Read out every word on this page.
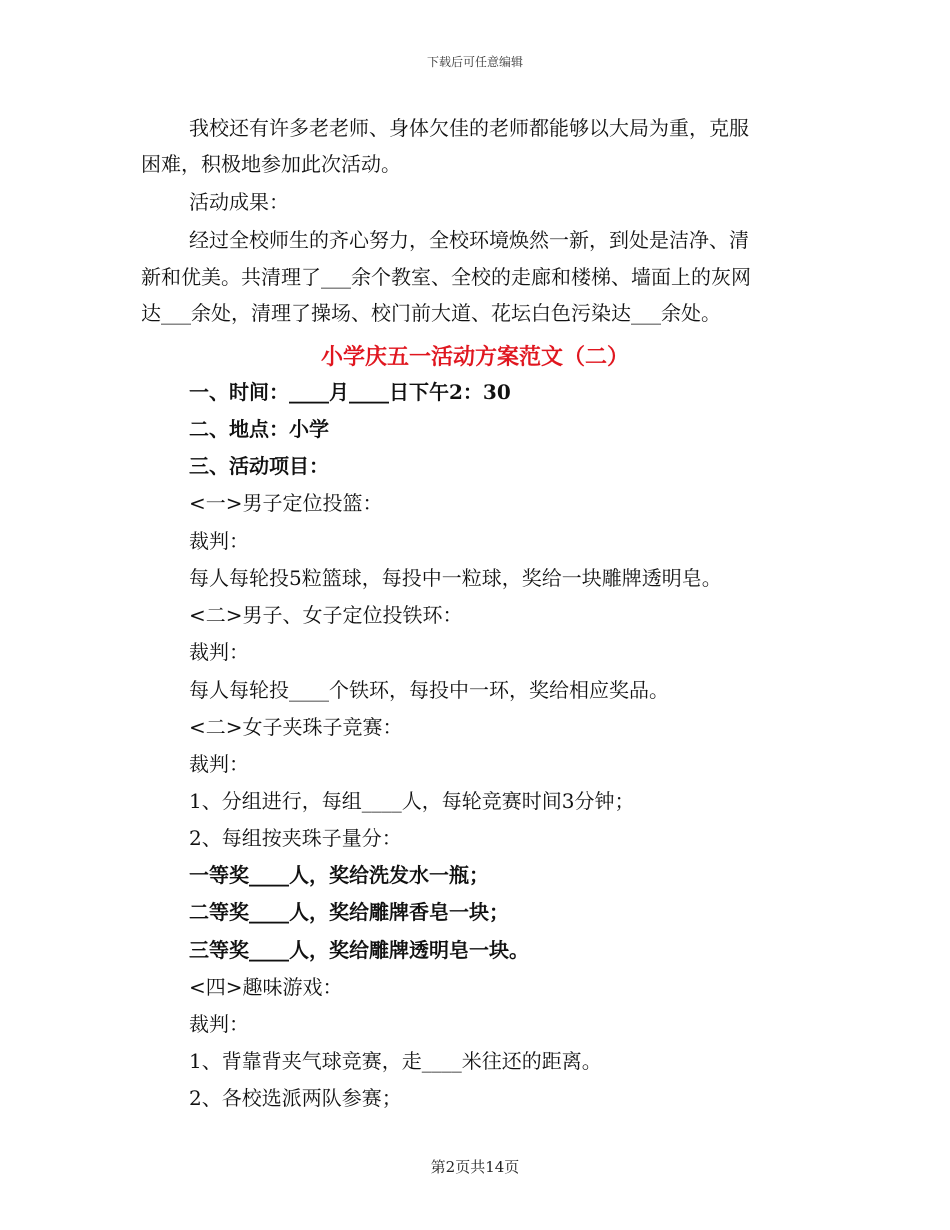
下载后可任意编辑
我校还有许多老老师、身体欠佳的老师都能够以大局为重，克服
困难，积极地参加此次活动。
活动成果：
经过全校师生的齐心努力，全校环境焕然一新，到处是洁净、清
新和优美。共清理了___余个教室、全校的走廊和楼梯、墙面上的灰网
达___余处，清理了操场、校门前大道、花坛白色污染达___余处。
小学庆五一活动方案范文（二）
一、时间：____月____日下午2：30
二、地点：小学
三、活动项目：
<一>男子定位投篮：
裁判：
每人每轮投5粒篮球，每投中一粒球，奖给一块雕牌透明皂。
<二>男子、女子定位投铁环：
裁判：
每人每轮投____个铁环，每投中一环，奖给相应奖品。
<二>女子夹珠子竞赛：
裁判：
1、分组进行，每组____人，每轮竞赛时间3分钟；
2、每组按夹珠子量分：
一等奖____人，奖给洗发水一瓶；
二等奖____人，奖给雕牌香皂一块；
三等奖____人，奖给雕牌透明皂一块。
<四>趣味游戏：
裁判：
1、背靠背夹气球竞赛，走____米往还的距离。
2、各校选派两队参赛；
第2页共14页
